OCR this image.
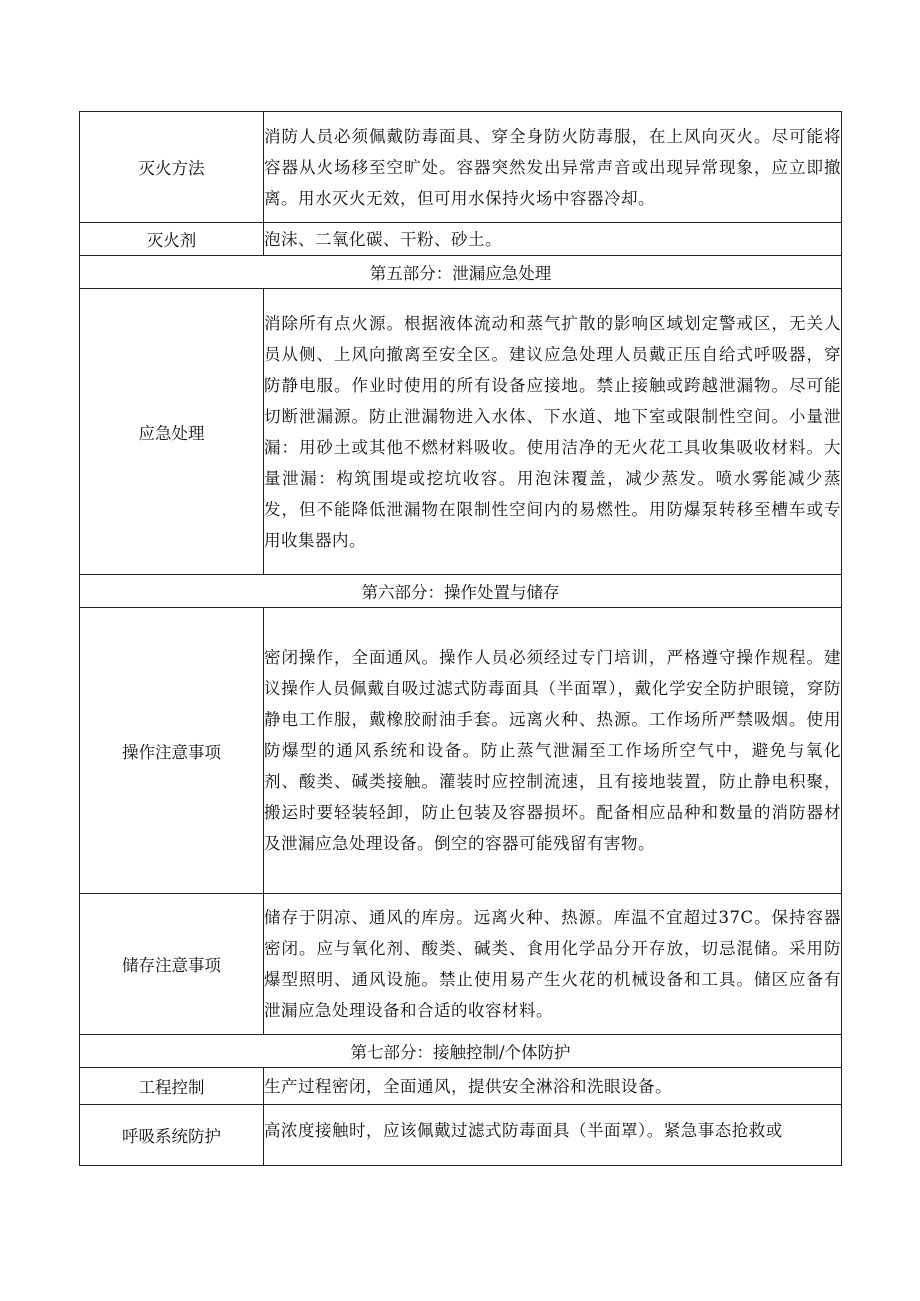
灭火方法	消防人员必须佩戴防毒面具、穿全身防火防毒服，在上风向灭火。尽可能将容器从火场移至空旷处。容器突然发出异常声音或出现异常现象，应立即撤离。用水灭火无效，但可用水保持火场中容器冷却。
灭火剂	泡沫、二氧化碳、干粉、砂土。
第五部分：泄漏应急处理	
应急处理	消除所有点火源。根据液体流动和蒸气扩散的影响区域划定警戒区，无关人员从侧、上风向撤离至安全区。建议应急处理人员戴正压自给式呼吸器，穿防静电服。作业时使用的所有设备应接地。禁止接触或跨越泄漏物。尽可能切断泄漏源。防止泄漏物进入水体、下水道、地下室或限制性空间。小量泄漏：用砂土或其他不燃材料吸收。使用洁净的无火花工具收集吸收材料。大量泄漏：构筑围堤或挖坑收容。用泡沫覆盖，减少蒸发。喷水雾能减少蒸发，但不能降低泄漏物在限制性空间内的易燃性。用防爆泵转移至槽车或专用收集器内。
第六部分：操作处置与储存	
操作注意事项	密闭操作，全面通风。操作人员必须经过专门培训，严格遵守操作规程。建议操作人员佩戴自吸过滤式防毒面具（半面罩），戴化学安全防护眼镜，穿防静电工作服，戴橡胶耐油手套。远离火种、热源。工作场所严禁吸烟。使用防爆型的通风系统和设备。防止蒸气泄漏至工作场所空气中，避免与氧化剂、酸类、碱类接触。灌装时应控制流速，且有接地装置，防止静电积聚，搬运时要轻装轻卸，防止包装及容器损坏。配备相应品种和数量的消防器材及泄漏应急处理设备。倒空的容器可能残留有害物。
储存注意事项	储存于阴凉、通风的库房。远离火种、热源。库温不宜超过37C。保持容器密闭。应与氧化剂、酸类、碱类、食用化学品分开存放，切忌混储。采用防爆型照明、通风设施。禁止使用易产生火花的机械设备和工具。储区应备有泄漏应急处理设备和合适的收容材料。
第七部分：接触控制/个体防护	
工程控制	生产过程密闭，全面通风，提供安全淋浴和洗眼设备。
呼吸系统防护	高浓度接触时，应该佩戴过滤式防毒面具（半面罩）。紧急事态抢救或
